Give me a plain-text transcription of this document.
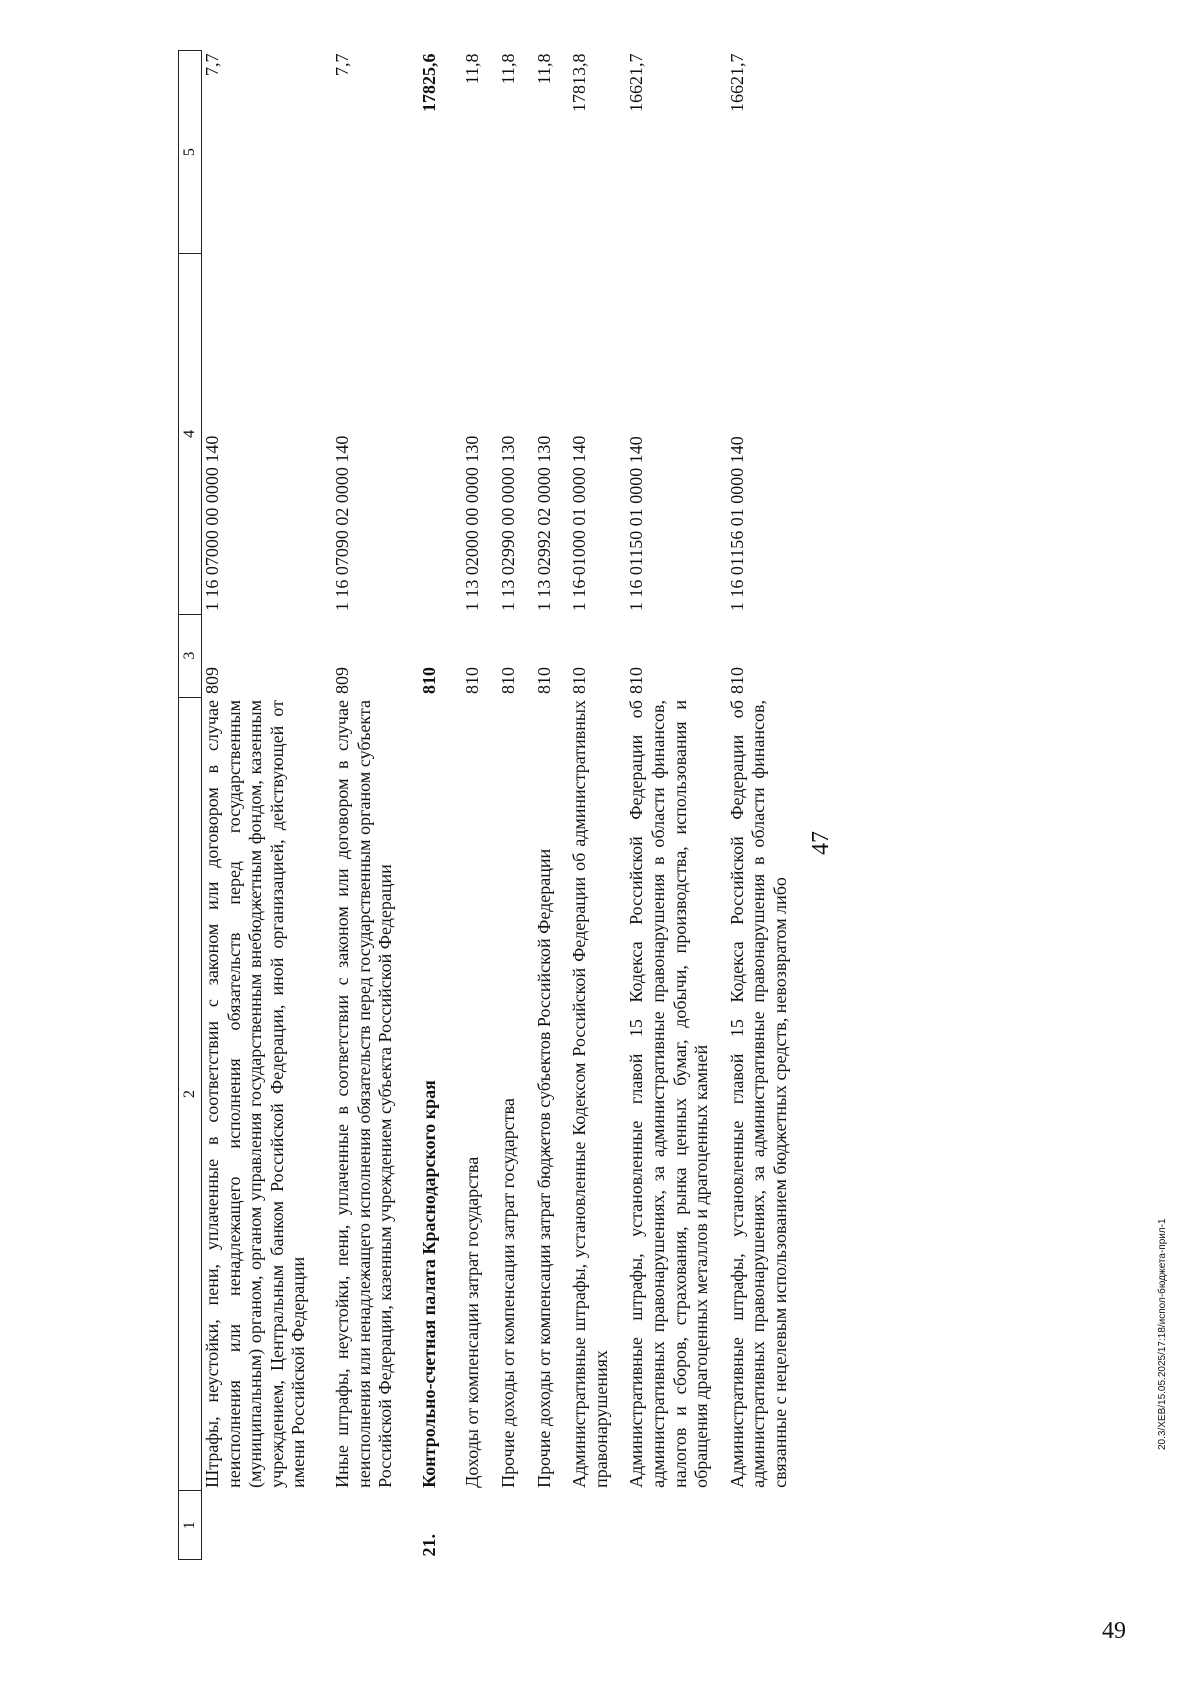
47
1	2	3	4	5
	Штрафы, неустойки, пени, уплаченные в соответствии с законом или договором в случае неисполнения или ненадлежащего исполнения обязательств перед государственным (муниципальным) органом, органом управления государственным внебюджетным фондом, казенным учреждением, Центральным банком Российской Федерации, иной организацией, действующей от имени Российской Федерации	809	1 16 07000 00 0000 140	7,7

	Иные штрафы, неустойки, пени, уплаченные в соответствии с законом или договором в случае неисполнения или ненадлежащего исполнения обязательств перед государственным органом субъекта Российской Федерации, казенным учреждением субъекта Российской Федерации	809	1 16 07090 02 0000 140	7,7

21.	Контрольно-счетная палата Краснодарского края	810		17825,6

	Доходы от компенсации затрат государства	810	1 13 02000 00 0000 130	11,8

	Прочие доходы от компенсации затрат государства	810	1 13 02990 00 0000 130	11,8

	Прочие доходы от компенсации затрат бюджетов субъектов Российской Федерации	810	1 13 02992 02 0000 130	11,8

	Административные штрафы, установленные Кодексом Российской Федерации об административных правонарушениях	810	1 16 01000 01 0000 140	17813,8

	Административные штрафы, установленные главой 15 Кодекса Российской Федерации об административных правонарушениях, за административные правонарушения в области финансов, налогов и сборов, страхования, рынка ценных бумаг, добычи, производства, использования и обращения драгоценных металлов и драгоценных камней	810	1 16 01150 01 0000 140	16621,7

	Административные штрафы, установленные главой 15 Кодекса Российской Федерации об административных правонарушениях, за административные правонарушения в области финансов, связанные с нецелевым использованием бюджетных средств, невозвратом либо	810	1 16 01156 01 0000 140	16621,7
49
20.3/ХЕВ/15.05.2025/17:18/испол-бюджета-прил-1
